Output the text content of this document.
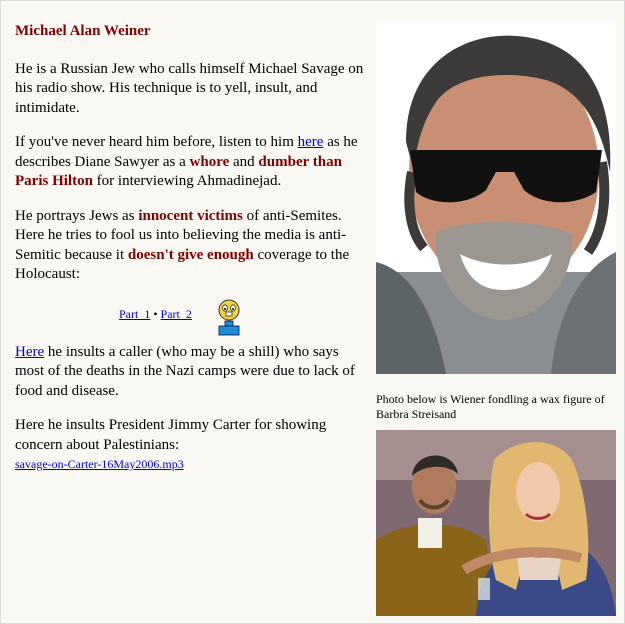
Michael Alan Weiner

He is a Russian Jew who calls himself Michael Savage on his radio show. His technique is to yell, insult, and intimidate.

If you've never heard him before, listen to him here as he describes Diane Sawyer as a whore and dumber than Paris Hilton for interviewing Ahmadinejad.

He portrays Jews as innocent victims of anti-Semites. Here he tries to fool us into believing the media is anti-Semitic because it doesn't give enough coverage to the Holocaust:

Part_1 • Part_2

Here he insults a caller (who may be a shill) who says most of the deaths in the Nazi camps were due to lack of food and disease.

Here he insults President Jimmy Carter for showing concern about Palestinians:
savage-on-Carter-16May2006.mp3

Photo below is Wiener fondling a wax figure of Barbra Streisand
